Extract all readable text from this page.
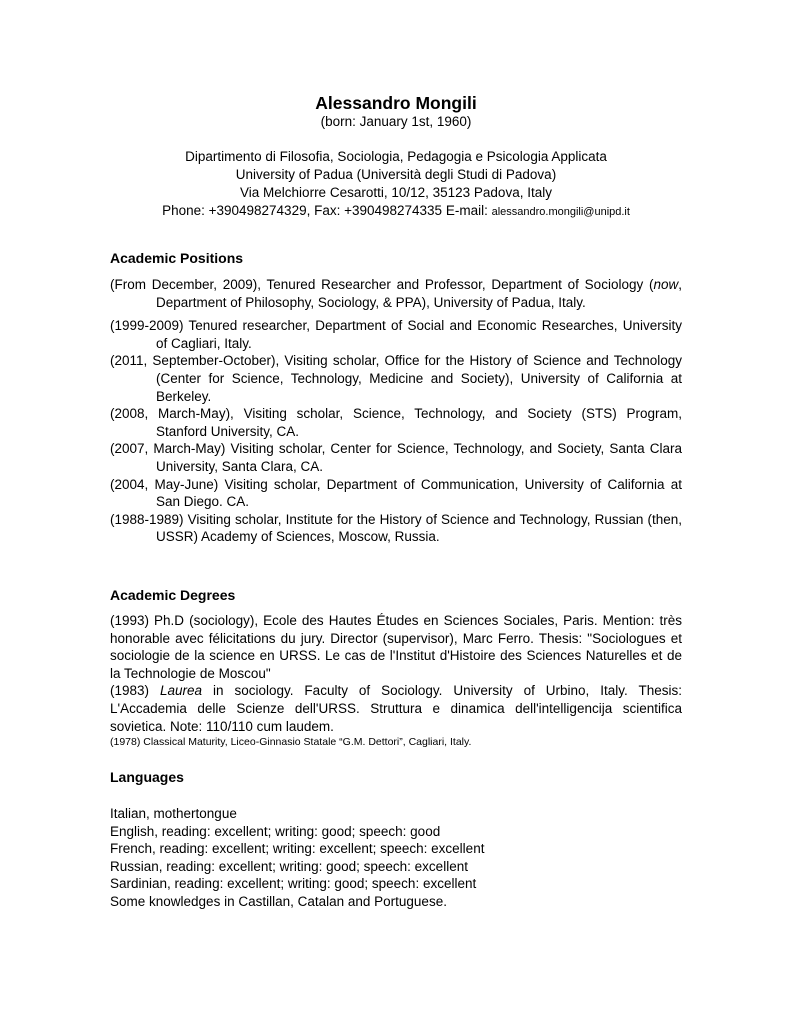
Alessandro Mongili
(born: January 1st, 1960)
Dipartimento di Filosofia, Sociologia, Pedagogia e Psicologia Applicata
University of Padua (Università degli Studi di Padova)
Via Melchiorre Cesarotti, 10/12, 35123 Padova, Italy
Phone: +390498274329, Fax: +390498274335 E-mail: alessandro.mongili@unipd.it
Academic Positions

(From December, 2009), Tenured Researcher and Professor, Department of Sociology (now, Department of Philosophy, Sociology, & PPA), University of Padua, Italy.

(1999-2009) Tenured researcher, Department of Social and Economic Researches, University of Cagliari, Italy.

(2011, September-October), Visiting scholar, Office for the History of Science and Technology (Center for Science, Technology, Medicine and Society), University of California at Berkeley.

(2008, March-May), Visiting scholar, Science, Technology, and Society (STS) Program, Stanford University, CA.

(2007, March-May) Visiting scholar, Center for Science, Technology, and Society, Santa Clara University, Santa Clara, CA.

(2004, May-June) Visiting scholar, Department of Communication, University of California at San Diego. CA.

(1988-1989) Visiting scholar, Institute for the History of Science and Technology, Russian (then, USSR) Academy of Sciences, Moscow, Russia.

Academic Degrees

(1993) Ph.D (sociology), Ecole des Hautes Études en Sciences Sociales, Paris. Mention: très honorable avec félicitations du jury. Director (supervisor), Marc Ferro. Thesis: "Sociologues et sociologie de la science en URSS. Le cas de l'Institut d'Histoire des Sciences Naturelles et de la Technologie de Moscou"

(1983) Laurea in sociology. Faculty of Sociology. University of Urbino, Italy. Thesis: L'Accademia delle Scienze dell'URSS. Struttura e dinamica dell'intelligencija scientifica sovietica. Note: 110/110 cum laudem.

(1978) Classical Maturity, Liceo-Ginnasio Statale “G.M. Dettori”, Cagliari, Italy.

Languages

Italian, mothertongue

English, reading: excellent; writing: good; speech: good

French, reading: excellent; writing: excellent; speech: excellent

Russian, reading: excellent; writing: good; speech: excellent

Sardinian, reading: excellent; writing: good; speech: excellent

Some knowledges in Castillan, Catalan and Portuguese.
